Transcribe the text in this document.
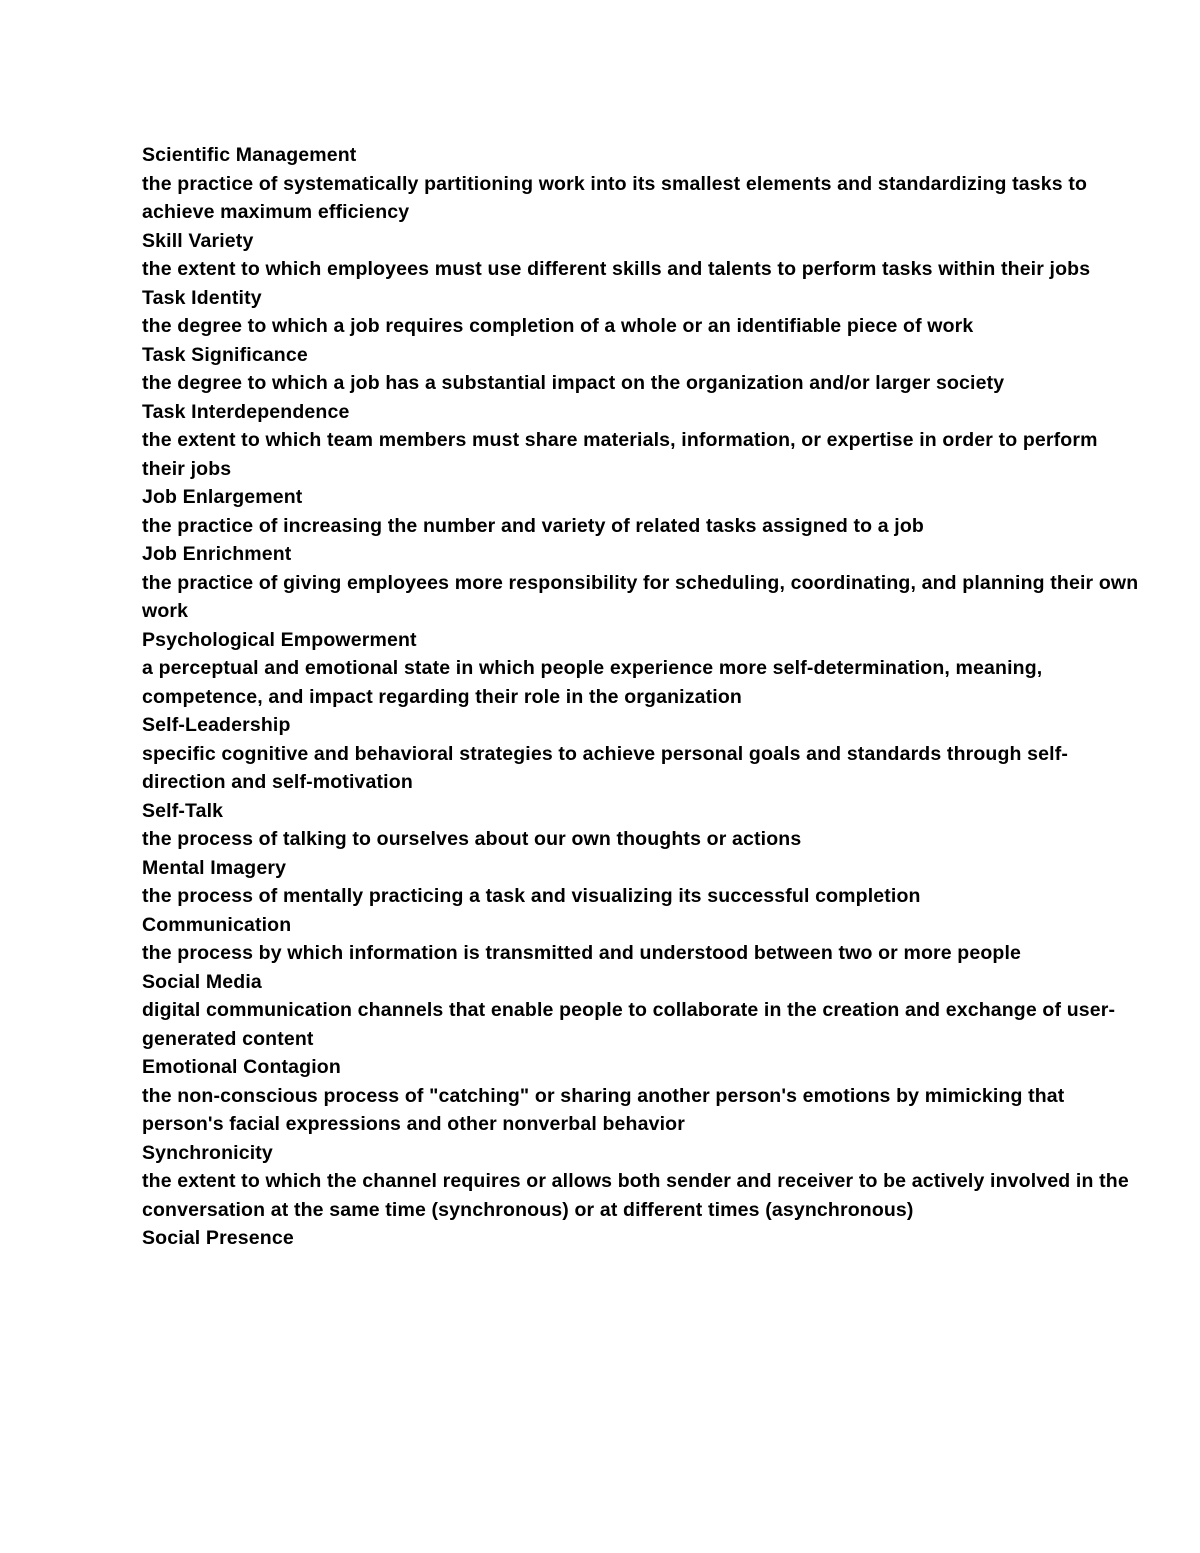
Scientific Management
the practice of systematically partitioning work into its smallest elements and standardizing tasks to achieve maximum efficiency
Skill Variety
the extent to which employees must use different skills and talents to perform tasks within their jobs
Task Identity
the degree to which a job requires completion of a whole or an identifiable piece of work
Task Significance
the degree to which a job has a substantial impact on the organization and/or larger society
Task Interdependence
the extent to which team members must share materials, information, or expertise in order to perform their jobs
Job Enlargement
the practice of increasing the number and variety of related tasks assigned to a job
Job Enrichment
the practice of giving employees more responsibility for scheduling, coordinating, and planning their own work
Psychological Empowerment
a perceptual and emotional state in which people experience more self-determination, meaning, competence, and impact regarding their role in the organization
Self-Leadership
specific cognitive and behavioral strategies to achieve personal goals and standards through self-direction and self-motivation
Self-Talk
the process of talking to ourselves about our own thoughts or actions
Mental Imagery
the process of mentally practicing a task and visualizing its successful completion
Communication
the process by which information is transmitted and understood between two or more people
Social Media
digital communication channels that enable people to collaborate in the creation and exchange of user-generated content
Emotional Contagion
the non-conscious process of "catching" or sharing another person's emotions by mimicking that person's facial expressions and other nonverbal behavior
Synchronicity
the extent to which the channel requires or allows both sender and receiver to be actively involved in the conversation at the same time (synchronous) or at different times (asynchronous)
Social Presence
